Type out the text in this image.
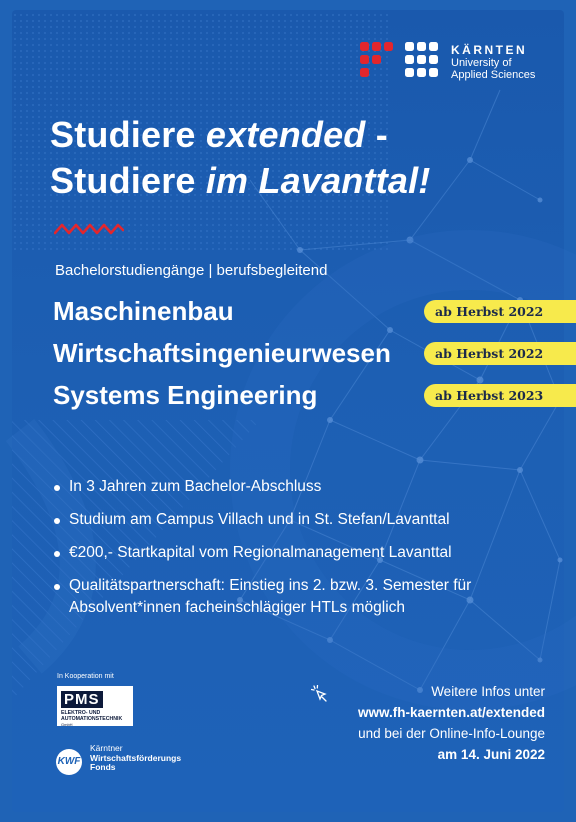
KÄRNTEN
University of
Applied Sciences
Studiere extended -
Studiere im Lavanttal!
Bachelorstudiengänge | berufsbegleitend
Maschinenbau	ab Herbst 2022
Wirtschaftsingenieurwesen	ab Herbst 2022
Systems Engineering	ab Herbst 2023
In 3 Jahren zum Bachelor-Abschluss
Studium am Campus Villach und in St. Stefan/Lavanttal
€200,- Startkapital vom Regionalmanagement Lavanttal
Qualitätspartnerschaft: Einstieg ins 2. bzw. 3. Semester für Absolvent*innen facheinschlägiger HTLs möglich
In Kooperation mit
PMS
ELEKTRO- UND
AUTOMATIONSTECHNIK
GmbH
KWF
Kärntner
Wirtschaftsförderungs
Fonds
Weitere Infos unter
www.fh-kaernten.at/extended
und bei der Online-Info-Lounge
am 14. Juni 2022
